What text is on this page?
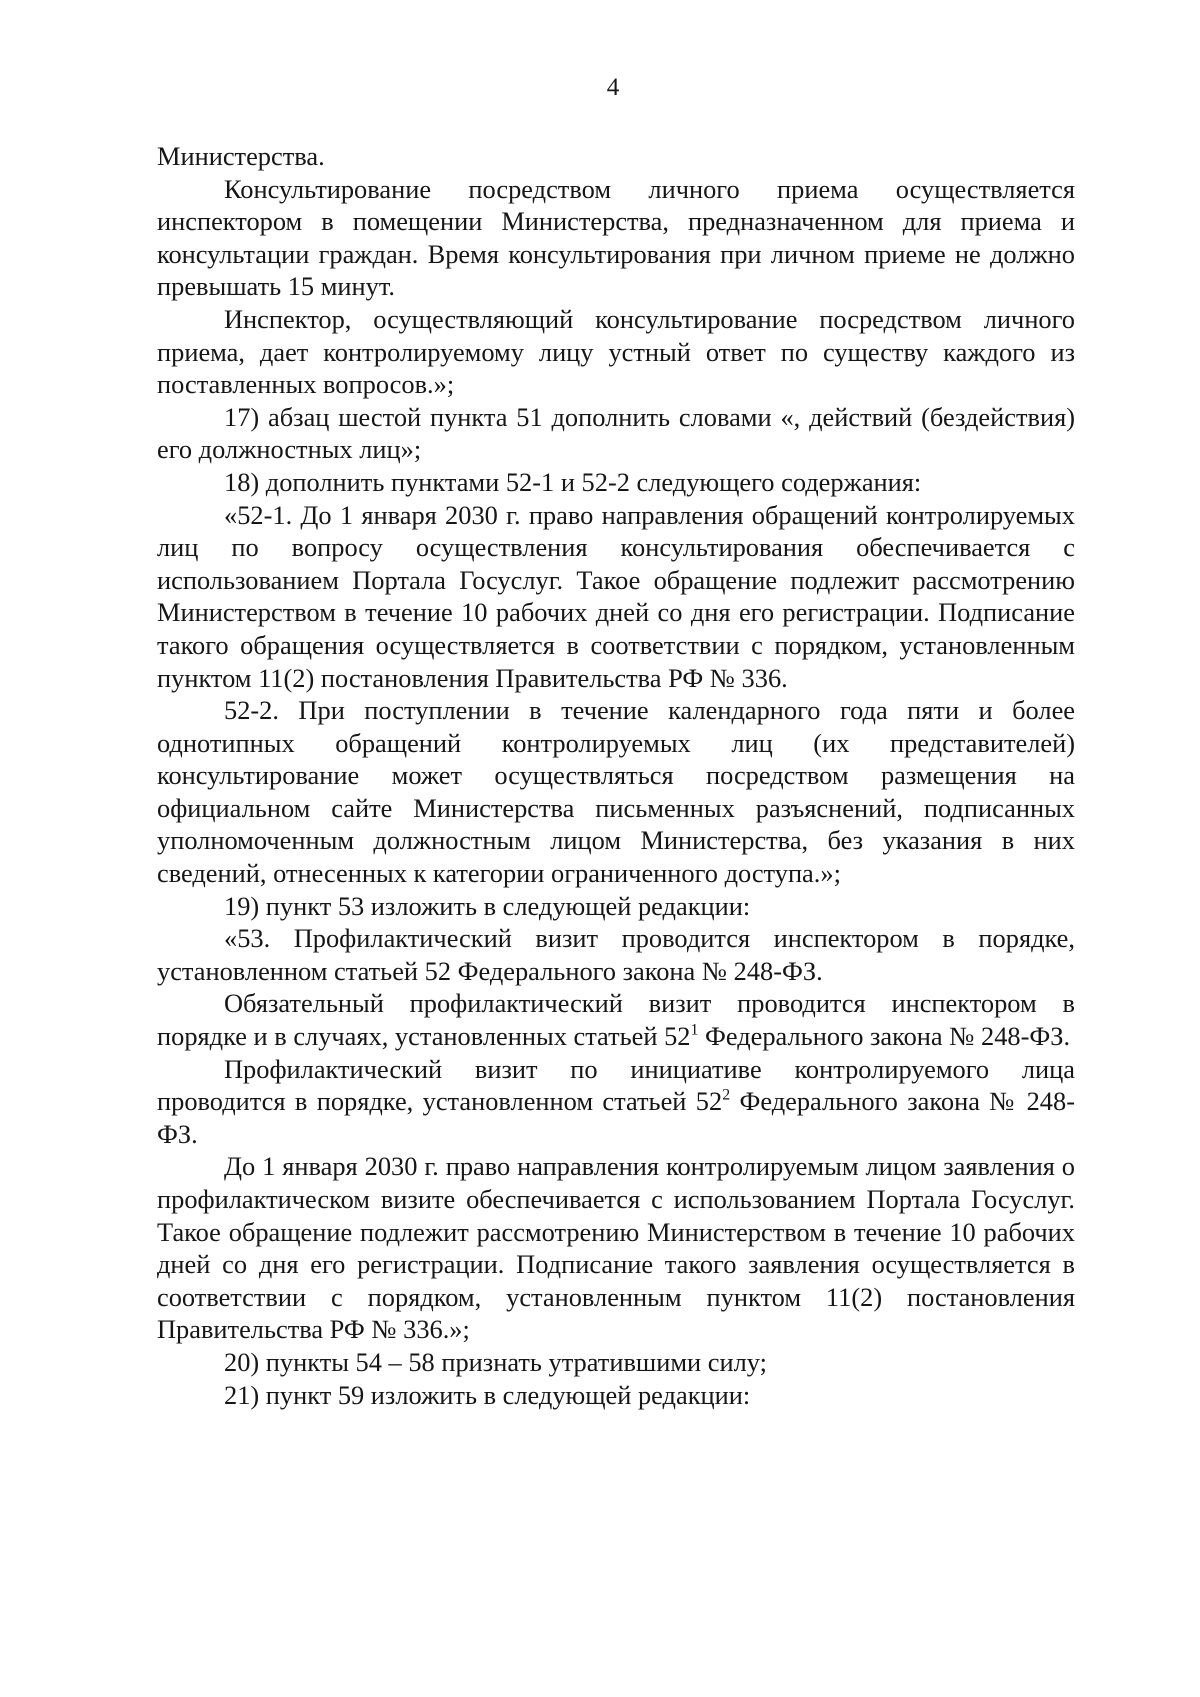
4

Министерства.

Консультирование посредством личного приема осуществляется инспектором в помещении Министерства, предназначенном для приема и консультации граждан. Время консультирования при личном приеме не должно превышать 15 минут.

Инспектор, осуществляющий консультирование посредством личного приема, дает контролируемому лицу устный ответ по существу каждого из поставленных вопросов.»;

17) абзац шестой пункта 51 дополнить словами «, действий (бездействия) его должностных лиц»;

18) дополнить пунктами 52-1 и 52-2 следующего содержания:

«52-1. До 1 января 2030 г. право направления обращений контролируемых лиц по вопросу осуществления консультирования обеспечивается с использованием Портала Госуслуг. Такое обращение подлежит рассмотрению Министерством в течение 10 рабочих дней со дня его регистрации. Подписание такого обращения осуществляется в соответствии с порядком, установленным пунктом 11(2) постановления Правительства РФ № 336.

52-2. При поступлении в течение календарного года пяти и более однотипных обращений контролируемых лиц (их представителей) консультирование может осуществляться посредством размещения на официальном сайте Министерства письменных разъяснений, подписанных уполномоченным должностным лицом Министерства, без указания в них сведений, отнесенных к категории ограниченного доступа.»;

19) пункт 53 изложить в следующей редакции:

«53. Профилактический визит проводится инспектором в порядке, установленном статьей 52 Федерального закона № 248-ФЗ.

Обязательный профилактический визит проводится инспектором в порядке и в случаях, установленных статьей $52^1$ Федерального закона № 248-ФЗ.

Профилактический визит по инициативе контролируемого лица проводится в порядке, установленном статьей $52^2$ Федерального закона № 248-ФЗ.

До 1 января 2030 г. право направления контролируемым лицом заявления о профилактическом визите обеспечивается с использованием Портала Госуслуг. Такое обращение подлежит рассмотрению Министерством в течение 10 рабочих дней со дня его регистрации. Подписание такого заявления осуществляется в соответствии с порядком, установленным пунктом 11(2) постановления Правительства РФ № 336.»;

20) пункты 54 – 58 признать утратившими силу;

21) пункт 59 изложить в следующей редакции:
